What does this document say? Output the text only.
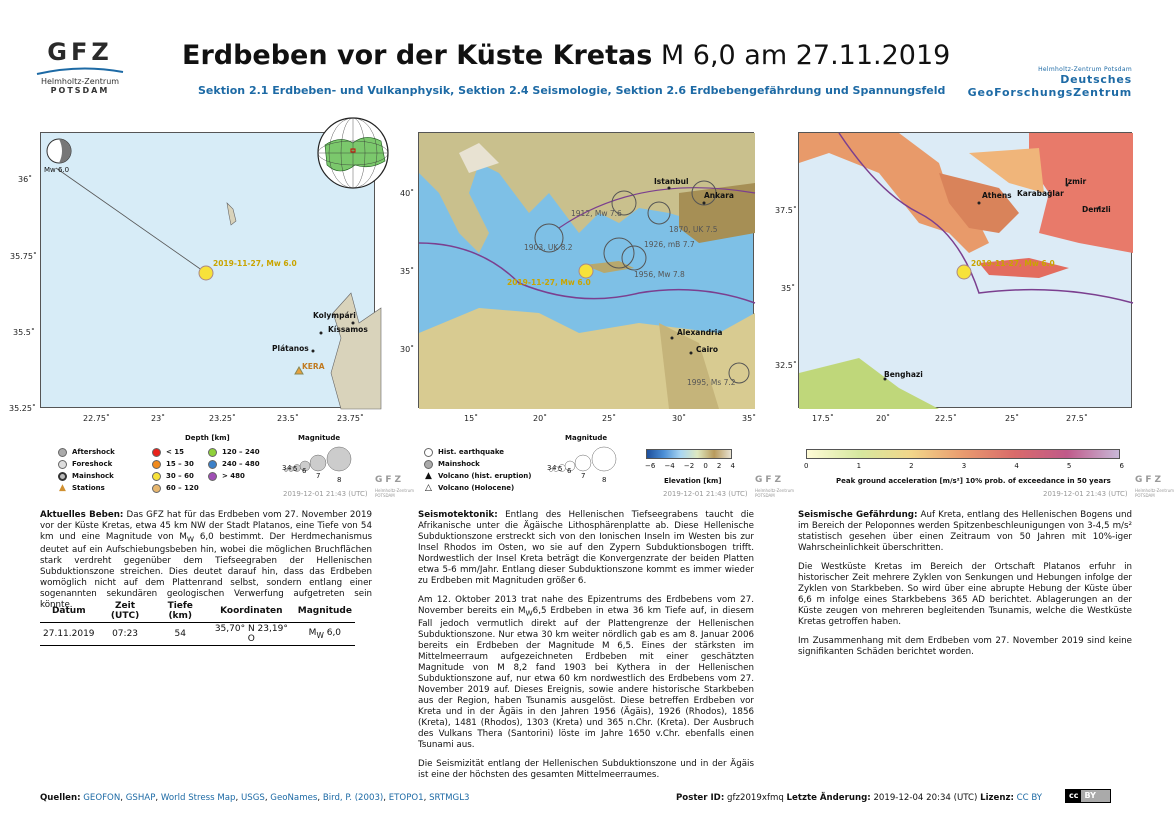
GFZ
Helmholtz-Zentrum
POTSDAM
Erdbeben vor der Küste Kretas M 6,0 am 27.11.2019
Sektion 2.1 Erdbeben- und Vulkanphysik, Sektion 2.4 Seismologie, Sektion 2.6 Erdbebengefährdung und Spannungsfeld
Helmholtz-Zentrum Potsdam
Deutsches
GeoForschungsZentrum
Mw 6.0
2019-11-27, Mw 6.0
Kolympári
Kíssamos
Plátanos
KERA
36˚
35.75˚
35.5˚
35.25˚
22.75˚	23˚	23.25˚	23.5˚	23.75˚
Depth [km]	Magnitude
Aftershock
Foreshock
Mainshock
▲ Stations
< 15
15 – 30
30 – 60
60 – 120
120 – 240
240 – 480
> 480
3 4 5 6
7 8	GFZ
Helmholtz-Zentrum
POTSDAM
2019-12-01 21:43 (UTC)
Istanbul
Ankara
Alexandria
Cairo
1912, Mw 7.6
1870, UK 7.5
1903, UK 8.2	1926, mB 7.7
1956, Mw 7.8
1995, Ms 7.2
2019-11-27, Mw 6.0
40˚
35˚
30˚
15˚	20˚	25˚	30˚	35˚
Magnitude
Hist. earthquake
Mainshock
▲ Volcano (hist. eruption)
△ Volcano (Holocene)
3 4 5 6
7 8
−6 −4 −2 0 2 4
Elevation [km]	GFZ
Helmholtz-Zentrum
POTSDAM
2019-12-01 21:43 (UTC)
Athens
Izmir
Karabağlar
Denizli
Benghazi
2019-11-27, Mw 6.0
37.5˚
35˚
32.5˚
17.5˚	20˚	22.5˚	25˚	27.5˚
0	1	2	3	4	5	6
Peak ground acceleration [m/s²] 10% prob. of exceedance in 50 years	GFZ
Helmholtz-Zentrum
POTSDAM
2019-12-01 21:43 (UTC)

Aktuelles Beben: Das GFZ hat für das Erdbeben vom 27. November 2019 vor der Küste Kretas, etwa 45 km NW der Stadt Platanos, eine Tiefe von 54 km und eine Magnitude von $M_W$ 6,0 bestimmt. Der Herdmechanismus deutet auf ein Aufschiebungsbeben hin, wobei die möglichen Bruchflächen stark verdreht gegenüber dem Tiefseegraben der Hellenischen Subduktionszone streichen. Dies deutet darauf hin, dass das Erdbeben womöglich nicht auf dem Plattenrand selbst, sondern entlang einer sogenannten sekundären geologischen Verwerfung aufgetreten sein könnte.

Datum	Zeit (UTC)	Tiefe (km)	Koordinaten	Magnitude
27.11.2019	07:23	54	35,70° N 23,19° O	$M_W$ 6,0

Seismotektonik: Entlang des Hellenischen Tiefseegrabens taucht die Afrikanische unter die Ägäische Lithosphärenplatte ab. Diese Hellenische Subduktionszone erstreckt sich von den Ionischen Inseln im Westen bis zur Insel Rhodos im Osten, wo sie auf den Zypern Subduktionsbogen trifft. Nordwestlich der Insel Kreta beträgt die Konvergenzrate der beiden Platten etwa 5-6 mm/Jahr. Entlang dieser Subduktionszone kommt es immer wieder zu Erdbeben mit Magnituden größer 6.

Am 12. Oktober 2013 trat nahe des Epizentrums des Erdbebens vom 27. November bereits ein $M_W6,5$ Erdbeben in etwa 36 km Tiefe auf, in diesem Fall jedoch vermutlich direkt auf der Plattengrenze der Hellenischen Subduktionszone. Nur etwa 30 km weiter nördlich gab es am 8. Januar 2006 bereits ein Erdbeben der Magnitude M 6,5. Eines der stärksten im Mittelmeerraum aufgezeichneten Erdbeben mit einer geschätzten Magnitude von M 8,2 fand 1903 bei Kythera in der Hellenischen Subduktionszone auf, nur etwa 60 km nordwestlich des Erdbebens vom 27. November 2019 auf. Dieses Ereignis, sowie andere historische Starkbeben aus der Region, haben Tsunamis ausgelöst. Diese betreffen Erdbeben vor Kreta und in der Ägäis in den Jahren 1956 (Ägäis), 1926 (Rhodos), 1856 (Kreta), 1481 (Rhodos), 1303 (Kreta) und 365 n.Chr. (Kreta). Der Ausbruch des Vulkans Thera (Santorini) löste im Jahre 1650 v.Chr. ebenfalls einen Tsunami aus.

Die Seismizität entlang der Hellenischen Subduktionszone und in der Ägäis ist eine der höchsten des gesamten Mittelmeerraumes.

Seismische Gefährdung: Auf Kreta, entlang des Hellenischen Bogens und im Bereich der Peloponnes werden Spitzenbeschleunigungen von 3-4,5 m/s² statistisch gesehen über einen Zeitraum von 50 Jahren mit 10%-iger Wahrscheinlichkeit überschritten.

Die Westküste Kretas im Bereich der Ortschaft Platanos erfuhr in historischer Zeit mehrere Zyklen von Senkungen und Hebungen infolge der Zyklen von Starkbeben. So wird über eine abrupte Hebung der Küste über 6,6 m infolge eines Starkbebens 365 AD berichtet. Ablagerungen an der Küste zeugen von mehreren begleitenden Tsunamis, welche die Westküste Kretas getroffen haben.

Im Zusammenhang mit dem Erdbeben vom 27. November 2019 sind keine signifikanten Schäden berichtet worden.

Quellen: GEOFON, GSHAP, World Stress Map, USGS, GeoNames, Bird, P. (2003), ETOPO1, SRTMGL3	Poster ID: gfz2019xfmq Letzte Änderung: 2019-12-04 20:34 (UTC) Lizenz: CC BY	cc BY
